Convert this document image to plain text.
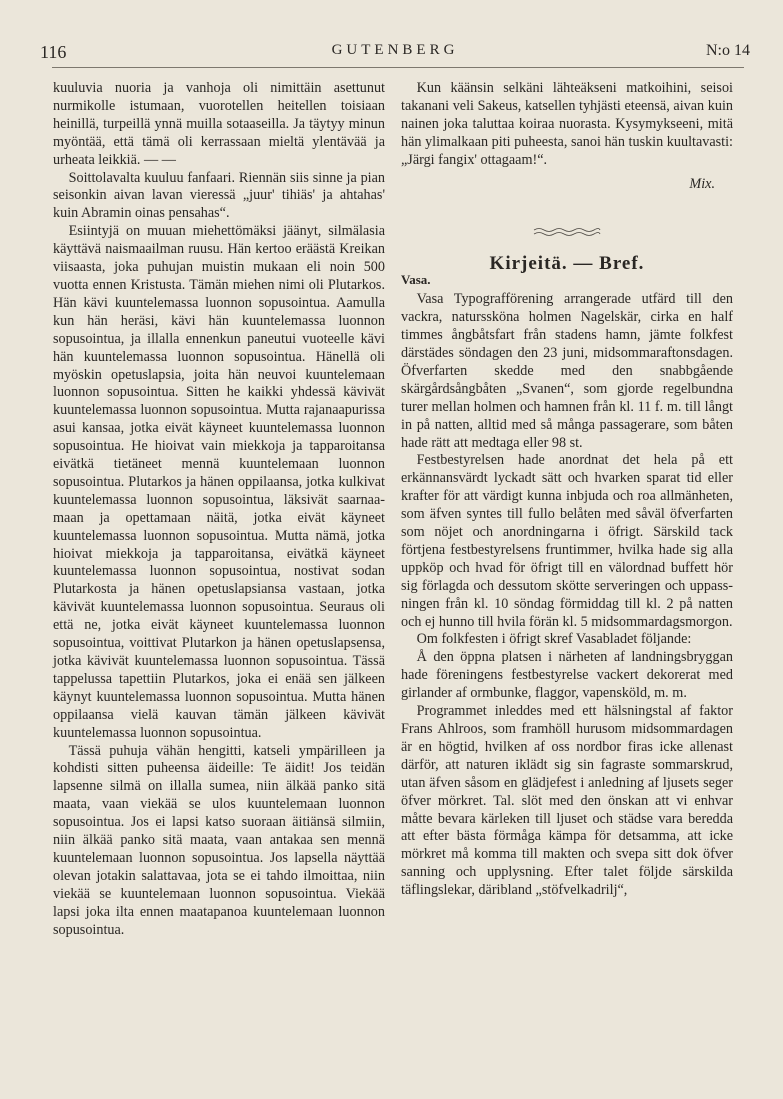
116	GUTENBERG	N:o 14

kuuluvia nuoria ja vanhoja oli nimittäin asettunut nurmikolle istumaan, vuorotellen heitellen toisiaan heinillä, turpeillä ynnä muilla sotaaseilla. Ja täytyy minun myöntää, että tämä oli kerrassaan mieltä ylentävää ja urheata leikkiä. — —

Soittolavalta kuuluu fanfaari. Riennän siis sinne ja pian seisonkin aivan lavan vieressä „juur' tihiäs' ja ahtahas' kuin Abramin oinas pensahas“.

Esiintyjä on muuan miehettömäksi jäänyt, silmälasia käyttävä naismaailman ruusu. Hän kertoo eräästä Kreikan viisaasta, joka puhujan muistin mukaan eli noin 500 vuotta ennen Kristusta. Tämän miehen nimi oli Plutarkos. Hän kävi kuuntelemassa luonnon sopusointua. Aamulla kun hän heräsi, kävi hän kuuntelemassa luonnon sopusointua, ja illalla ennenkun paneutui vuoteelle kävi hän kuuntelemassa luonnon sopusointua. Hänellä oli myöskin opetuslapsia, joita hän neuvoi kuuntelemaan luonnon sopusointua. Sitten he kaikki yhdessä kävivät kuuntelemassa luonnon sopusointua. Mutta rajanaapurissa asui kansaa, jotka eivät käyneet kuuntelemassa luonnon sopusointua. He hioivat vain miekkoja ja tapparoitansa eivätkä tietäneet mennä kuuntelemaan luonnon sopusointua. Plutarkos ja hänen oppilaansa, jotka kulkivat kuuntelemassa luonnon sopusointua, läksivät saarnaamaan ja opettamaan näitä, jotka eivät käyneet kuuntelemassa luonnon sopusointua. Mutta nämä, jotka hioivat miekkoja ja tapparoitansa, eivätkä käyneet kuuntelemassa luonnon sopusointua, nostivat sodan Plutarkosta ja hänen opetuslapsiansa vastaan, jotka kävivät kuuntelemassa luonnon sopusointua. Seuraus oli että ne, jotka eivät käyneet kuuntelemassa luonnon sopusointua, voittivat Plutarkon ja hänen opetuslapsensa, jotka kävivät kuuntelemassa luonnon sopusointua. Tässä tappelussa tapettiin Plutarkos, joka ei enää sen jälkeen käynyt kuuntelemassa luonnon sopusointua. Mutta hänen oppilaansa vielä kauvan tämän jälkeen kävivät kuuntelemassa luonnon sopusointua.

Tässä puhuja vähän hengitti, katseli ympärilleen ja kohdisti sitten puheensa äideille: Te äidit! Jos teidän lapsenne silmä on illalla sumea, niin älkää panko sitä maata, vaan viekää se ulos kuuntelemaan luonnon sopusointua. Jos ei lapsi katso suoraan äitiänsä silmiin, niin älkää panko sitä maata, vaan antakaa sen mennä kuuntelemaan luonnon sopusointua. Jos lapsella näyttää olevan jotakin salattavaa, jota se ei tahdo ilmoittaa, niin viekää se kuuntelemaan luonnon sopusointua. Viekää lapsi joka ilta ennen maatapanoa kuuntelemaan luonnon sopusointua.

Kun käänsin selkäni lähteäkseni matkoihini, seisoi takanani veli Sakeus, katsellen tyhjästi eteensä, aivan kuin nainen joka taluttaa koiraa nuorasta. Kysymykseeni, mitä hän ylimalkaan piti puheesta, sanoi hän tuskin kuultavasti: „Järgi fangix' ottagaam!“.

Mix.
Kirjeitä. — Bref.
Vasa.

Vasa Typografförening arrangerade utfärd till den vackra, naturssköna holmen Nagelskär, cirka en half timmes ångbåtsfart från stadens hamn, jämte folkfest därstädes söndagen den 23 juni, midsommaraftonsdagen. Öfverfarten skedde med den snabbgående skärgårdsångbåten „Svanen“, som gjorde regelbundna turer mellan holmen och hamnen från kl. 11 f. m. till långt in på natten, alltid med så många passagerare, som båten hade rätt att medtaga eller 98 st.

Festbestyrelsen hade anordnat det hela på ett erkännansvärdt lyckadt sätt och hvarken sparat tid eller krafter för att värdigt kunna inbjuda och roa allmänheten, som äfven syntes till fullo belåten med såväl öfverfarten som nöjet och anordningarna i öfrigt. Särskild tack förtjena festbestyrelsens fruntimmer, hvilka hade sig alla uppköp och hvad för öfrigt till en välordnad buffett hör sig förlagda och dessutom skötte serveringen och uppassningen från kl. 10 söndag förmiddag till kl. 2 på natten och ej hunno till hvila förän kl. 5 midsommardagsmorgon.

Om folkfesten i öfrigt skref Vasabladet följande:

Å den öppna platsen i närheten af landningsbryggan hade föreningens festbestyrelse vackert dekorerat med girlander af ormbunke, flaggor, vapensköld, m. m.

Programmet inleddes med ett hälsningstal af faktor Frans Ahlroos, som framhöll hurusom midsommardagen är en högtid, hvilken af oss nordbor firas icke allenast därför, att naturen iklädt sig sin fagraste sommarskrud, utan äfven såsom en glädjefest i anledning af ljusets seger öfver mörkret. Tal. slöt med den önskan att vi enhvar måtte bevara kärleken till ljuset och städse vara beredda att efter bästa förmåga kämpa för detsamma, att icke mörkret må komma till makten och svepa sitt dok öfver sanning och upplysning. Efter talet följde särskilda täflingslekar, däribland „stöfvelkadrilj“,
